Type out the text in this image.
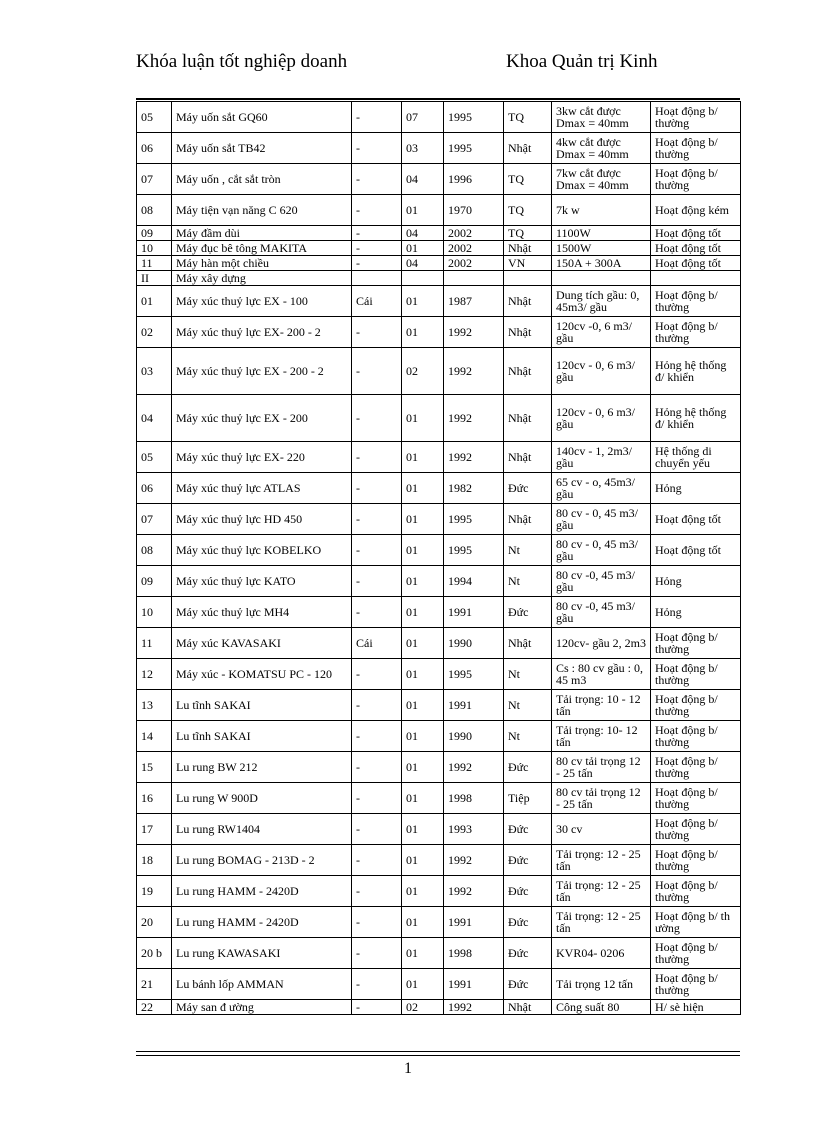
Khóa luận tốt nghiệp doanh	Khoa Quản trị Kinh
05	Máy uốn sắt GQ60	-	07	1995	TQ	3kw cắt được Dmax = 40mm	Hoạt động b/ thường
06	Máy uốn sắt TB42	-	03	1995	Nhật	4kw cắt được Dmax = 40mm	Hoạt động b/ thường
07	Máy uốn , cắt sắt tròn	-	04	1996	TQ	7kw cắt được Dmax = 40mm	Hoạt động b/ thường
08	Máy tiện vạn năng C 620	-	01	1970	TQ	7k w	Hoạt động kém
09	Máy đầm dùi	-	04	2002	TQ	1100W	Hoạt động tốt
10	Máy đục bê tông MAKITA	-	01	2002	Nhật	1500W	Hoạt động tốt
11	Máy hàn một chiều	-	04	2002	VN	150A + 300A	Hoạt động tốt
II	Máy xây dựng						
01	Máy xúc thuỷ lực EX - 100	Cái	01	1987	Nhật	Dung tích gầu: 0, 45m3/ gầu	Hoạt động b/ thường
02	Máy xúc thuỷ lực EX- 200 - 2	-	01	1992	Nhật	120cv -0, 6 m3/ gầu	Hoạt động b/ thường
03	Máy xúc thuỷ lực EX - 200 - 2	-	02	1992	Nhật	120cv - 0, 6 m3/ gầu	Hỏng hệ thống đ/ khiển
04	Máy xúc thuỷ lực EX - 200	-	01	1992	Nhật	120cv - 0, 6 m3/ gầu	Hỏng hệ thống đ/ khiển
05	Máy xúc thuỷ lực EX- 220	-	01	1992	Nhật	140cv - 1, 2m3/ gầu	Hệ thống di chuyển yếu
06	Máy xúc thuỷ lực ATLAS	-	01	1982	Đức	65 cv - o, 45m3/ gầu	Hỏng
07	Máy xúc thuỷ lực HD 450	-	01	1995	Nhật	80 cv - 0, 45 m3/ gầu	Hoạt động tốt
08	Máy xúc thuỷ lực KOBELKO	-	01	1995	Nt	80 cv - 0, 45 m3/ gầu	Hoạt động tốt
09	Máy xúc thuỷ lực KATO	-	01	1994	Nt	80 cv -0, 45 m3/ gầu	Hỏng
10	Máy xúc thuỷ lực MH4	-	01	1991	Đức	80 cv -0, 45 m3/ gầu	Hỏng
11	Máy xúc KAVASAKI	Cái	01	1990	Nhật	120cv- gầu 2, 2m3	Hoạt động b/ thường
12	Máy xúc - KOMATSU PC - 120	-	01	1995	Nt	Cs : 80 cv gầu : 0, 45 m3	Hoạt động b/ thường
13	Lu tĩnh SAKAI	-	01	1991	Nt	Tải trọng: 10 - 12 tấn	Hoạt động b/ thường
14	Lu tĩnh SAKAI	-	01	1990	Nt	Tải trọng: 10- 12 tấn	Hoạt động b/ thường
15	Lu rung BW 212	-	01	1992	Đức	80 cv tải trọng 12 - 25 tấn	Hoạt động b/ thường
16	Lu rung W 900D	-	01	1998	Tiệp	80 cv tải trọng 12 - 25 tấn	Hoạt động b/ thường
17	Lu rung RW1404	-	01	1993	Đức	30 cv	Hoạt động b/ thường
18	Lu rung BOMAG - 213D - 2	-	01	1992	Đức	Tải trọng: 12 - 25 tấn	Hoạt động b/ thường
19	Lu rung HAMM - 2420D	-	01	1992	Đức	Tải trọng: 12 - 25 tấn	Hoạt động b/ thường
20	Lu rung HAMM - 2420D	-	01	1991	Đức	Tải trọng: 12 - 25 tấn	Hoạt động b/ th ường
20 b	Lu rung KAWASAKI	-	01	1998	Đức	KVR04- 0206	Hoạt động b/ thường
21	Lu bánh lốp AMMAN	-	01	1991	Đức	Tải trọng 12 tấn	Hoạt động b/ thường
22	Máy san đ ường	-	02	1992	Nhật	Công suất 80	H/ sè hiện
1
